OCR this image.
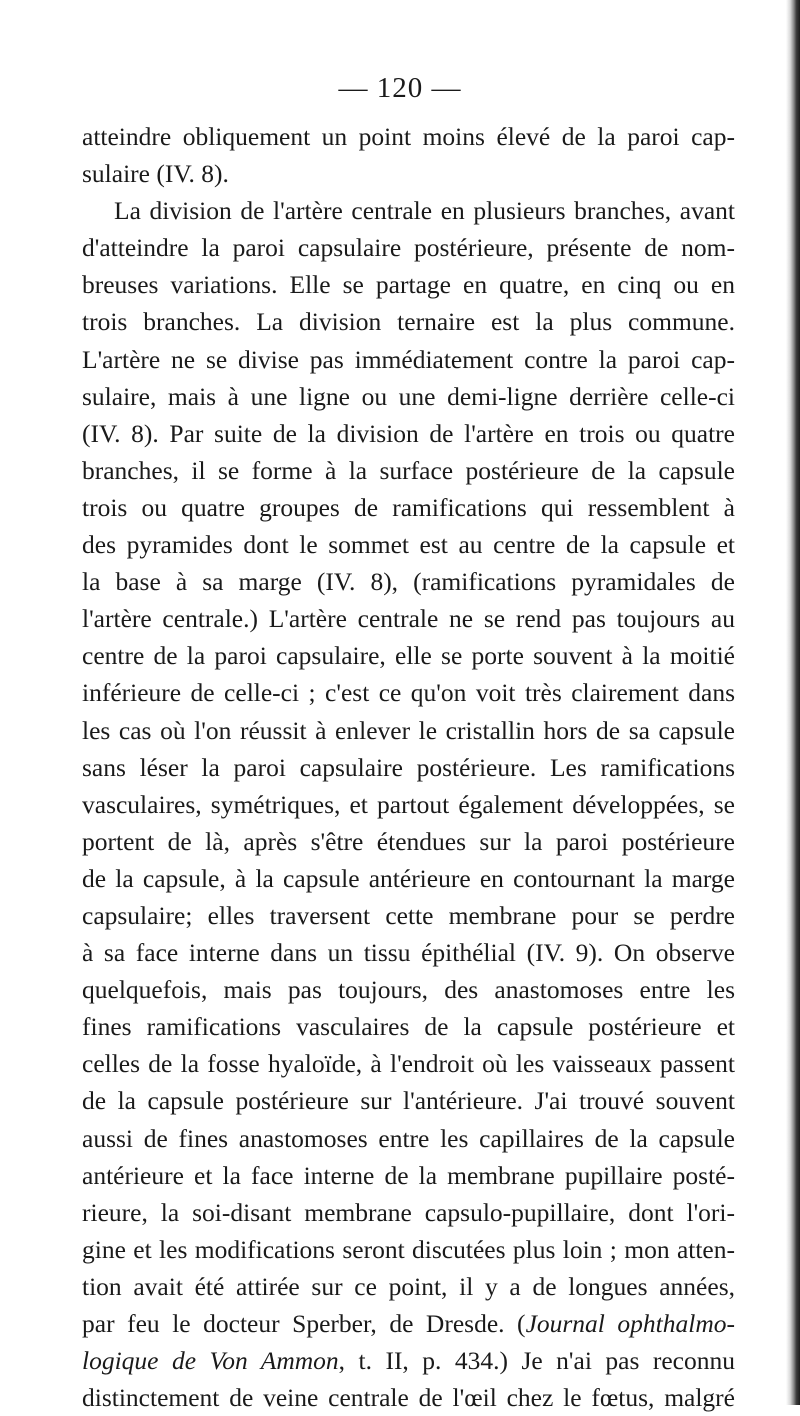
— 120 —
atteindre obliquement un point moins élevé de la paroi cap-
sulaire (IV. 8).
La division de l'artère centrale en plusieurs branches, avant
d'atteindre la paroi capsulaire postérieure, présente de nom-
breuses variations. Elle se partage en quatre, en cinq ou en
trois branches. La division ternaire est la plus commune.
L'artère ne se divise pas immédiatement contre la paroi cap-
sulaire, mais à une ligne ou une demi-ligne derrière celle-ci
(IV. 8). Par suite de la division de l'artère en trois ou quatre
branches, il se forme à la surface postérieure de la capsule
trois ou quatre groupes de ramifications qui ressemblent à
des pyramides dont le sommet est au centre de la capsule et
la base à sa marge (IV. 8), (ramifications pyramidales de
l'artère centrale.) L'artère centrale ne se rend pas toujours au
centre de la paroi capsulaire, elle se porte souvent à la moitié
inférieure de celle-ci ; c'est ce qu'on voit très clairement dans
les cas où l'on réussit à enlever le cristallin hors de sa capsule
sans léser la paroi capsulaire postérieure. Les ramifications
vasculaires, symétriques, et partout également développées, se
portent de là, après s'être étendues sur la paroi postérieure
de la capsule, à la capsule antérieure en contournant la marge
capsulaire; elles traversent cette membrane pour se perdre
à sa face interne dans un tissu épithélial (IV. 9). On observe
quelquefois, mais pas toujours, des anastomoses entre les
fines ramifications vasculaires de la capsule postérieure et
celles de la fosse hyaloïde, à l'endroit où les vaisseaux passent
de la capsule postérieure sur l'antérieure. J'ai trouvé souvent
aussi de fines anastomoses entre les capillaires de la capsule
antérieure et la face interne de la membrane pupillaire posté-
rieure, la soi-disant membrane capsulo-pupillaire, dont l'ori-
gine et les modifications seront discutées plus loin ; mon atten-
tion avait été attirée sur ce point, il y a de longues années,
par feu le docteur Sperber, de Dresde. (Journal ophthalmo-
logique de Von Ammon, t. II, p. 434.) Je n'ai pas reconnu
distinctement de veine centrale de l'œil chez le fœtus, malgré
